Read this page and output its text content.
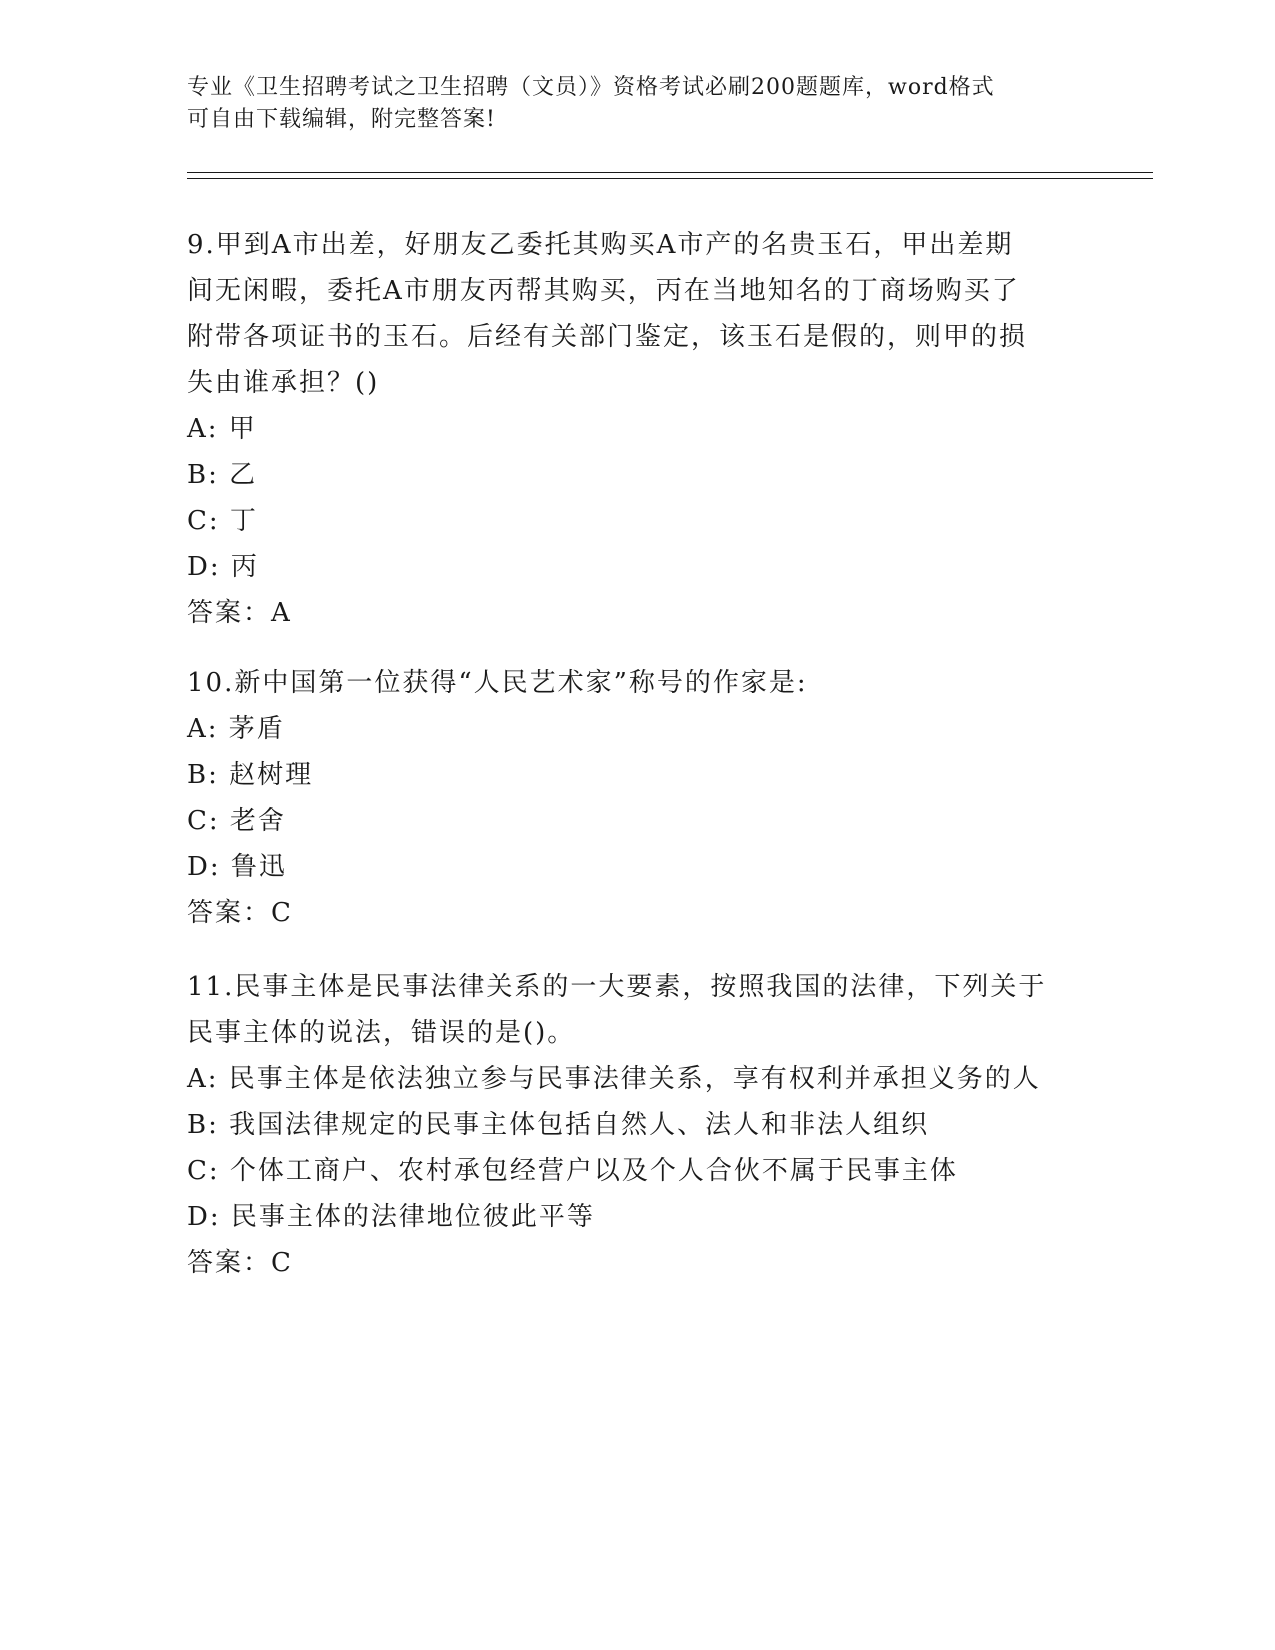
专业《卫生招聘考试之卫生招聘（文员）》资格考试必刷200题题库，word格式
可自由下载编辑，附完整答案!
9.甲到A市出差，好朋友乙委托其购买A市产的名贵玉石，甲出差期
间无闲暇，委托A市朋友丙帮其购买，丙在当地知名的丁商场购买了
附带各项证书的玉石。后经有关部门鉴定，该玉石是假的，则甲的损
失由谁承担？()
A: 甲
B: 乙
C: 丁
D: 丙
答案：A
10.新中国第一位获得“人民艺术家”称号的作家是:
A: 茅盾
B: 赵树理
C: 老舍
D: 鲁迅
答案：C
11.民事主体是民事法律关系的一大要素，按照我国的法律，下列关于
民事主体的说法，错误的是()。
A: 民事主体是依法独立参与民事法律关系，享有权利并承担义务的人
B: 我国法律规定的民事主体包括自然人、法人和非法人组织
C: 个体工商户、农村承包经营户以及个人合伙不属于民事主体
D: 民事主体的法律地位彼此平等
答案：C
